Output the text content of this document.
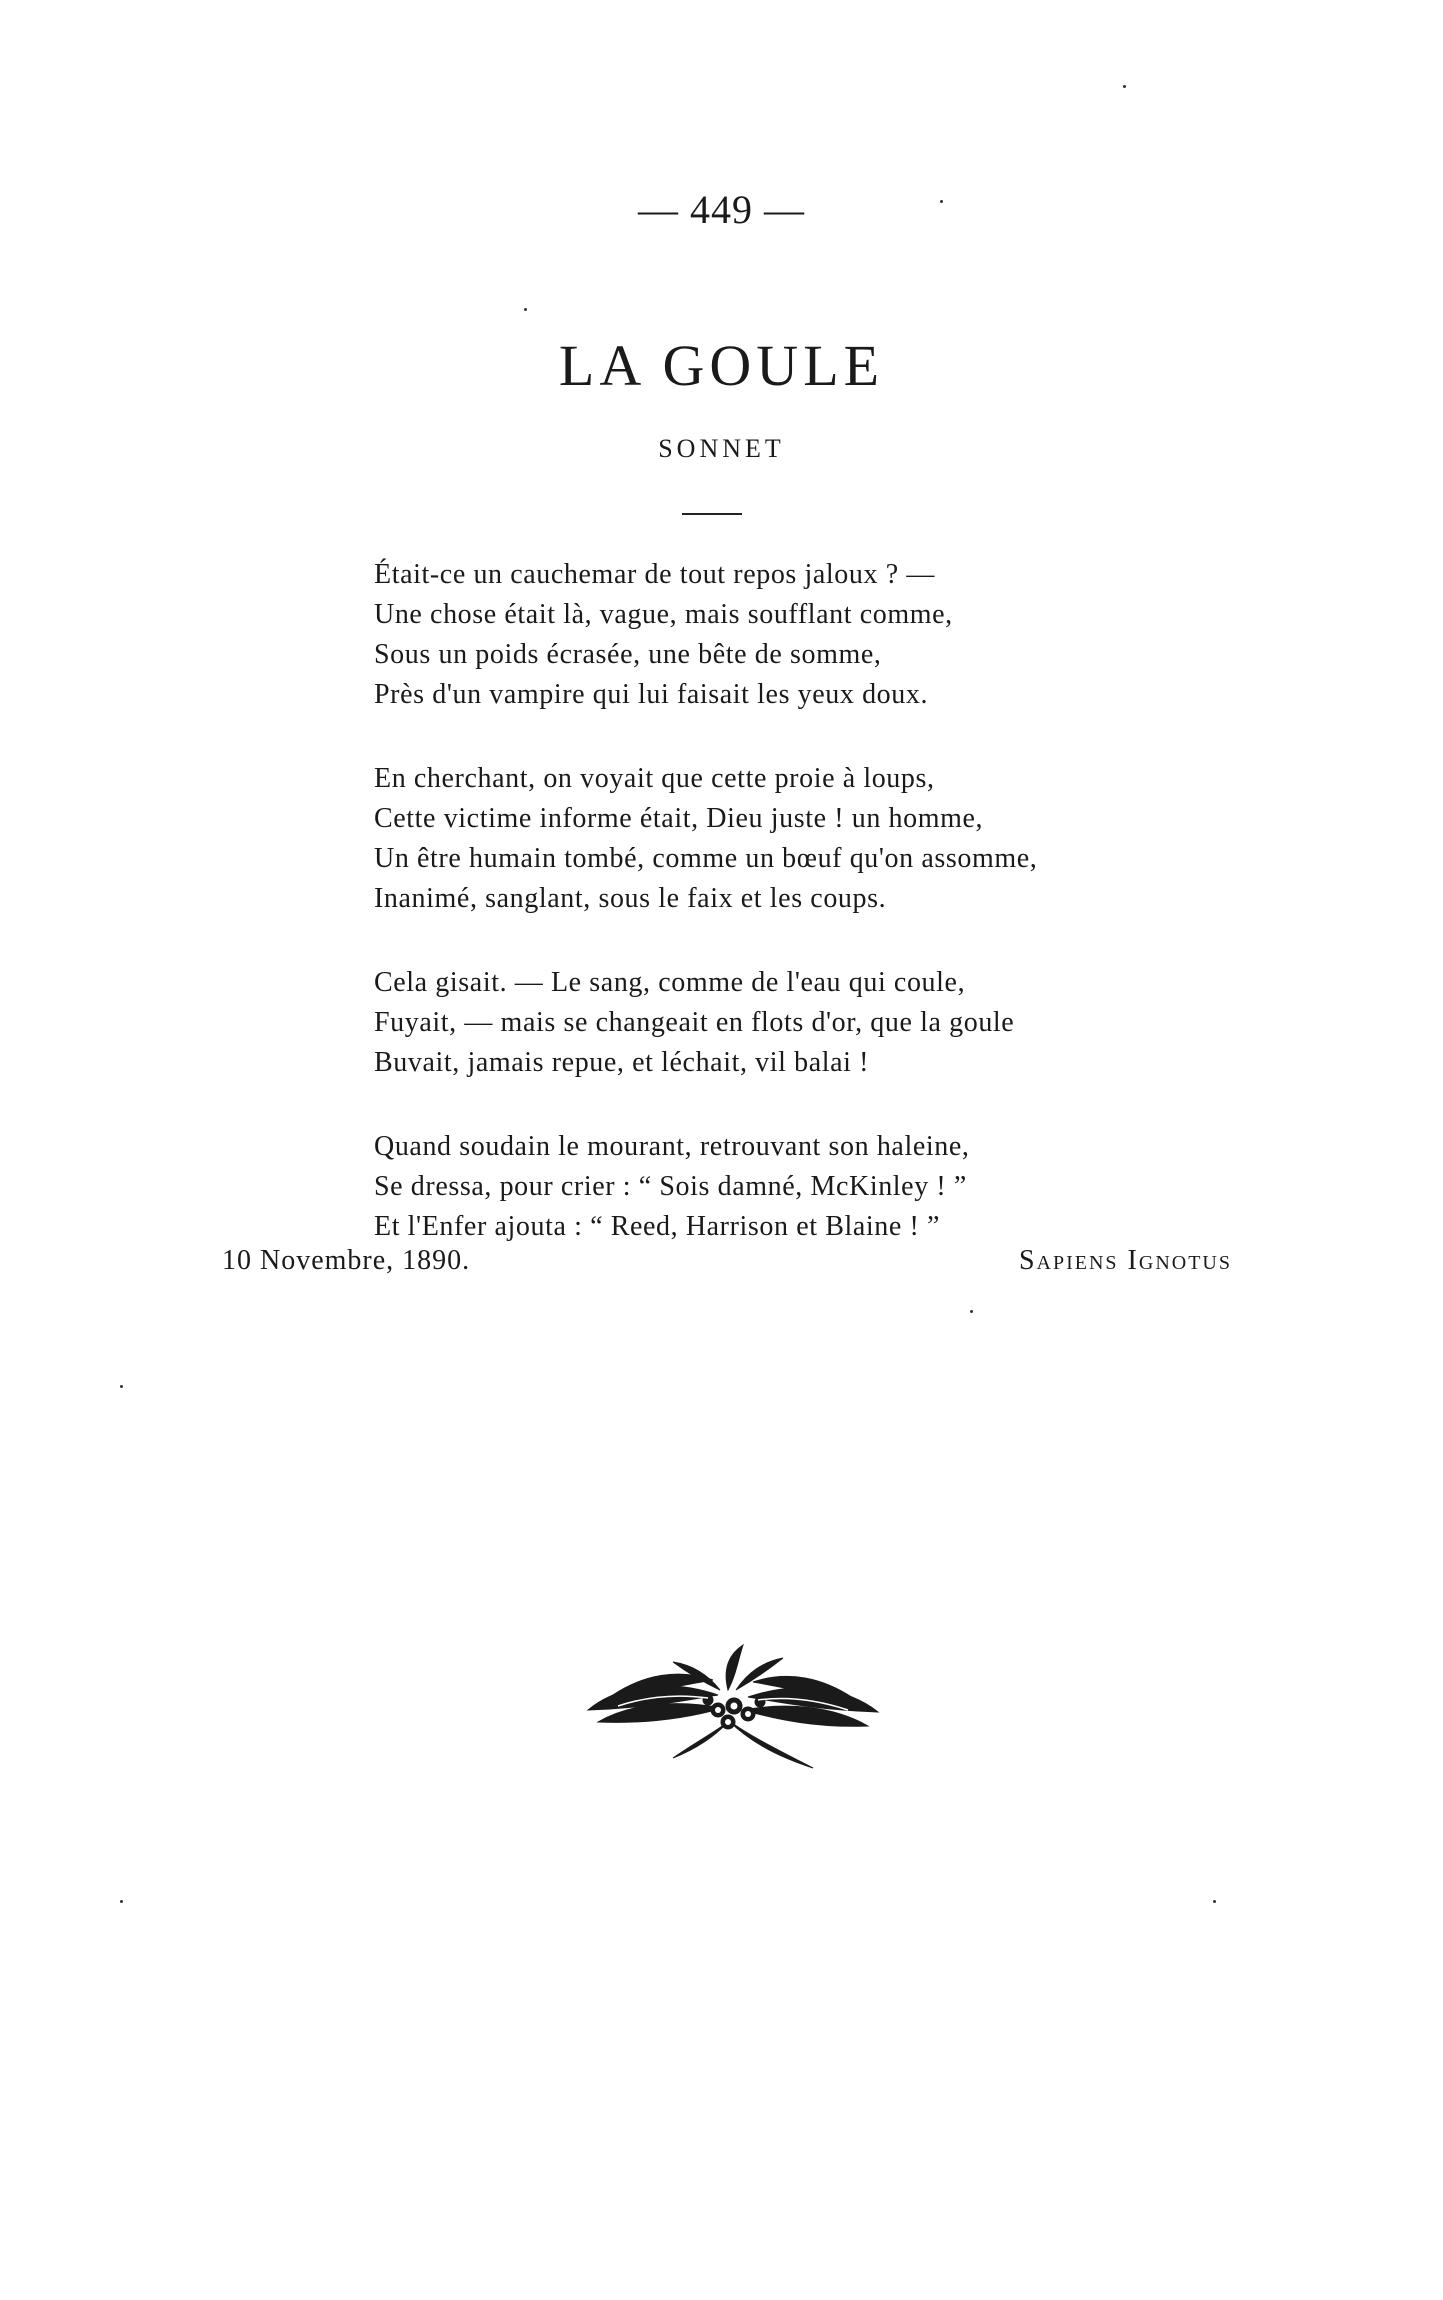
— 449 —
LA GOULE
SONNET
Était-ce un cauchemar de tout repos jaloux ? —
Une chose était là, vague, mais soufflant comme,
Sous un poids écrasée, une bête de somme,
Près d'un vampire qui lui faisait les yeux doux.
En cherchant, on voyait que cette proie à loups,
Cette victime informe était, Dieu juste ! un homme,
Un être humain tombé, comme un bœuf qu'on assomme,
Inanimé, sanglant, sous le faix et les coups.
Cela gisait. — Le sang, comme de l'eau qui coule,
Fuyait, — mais se changeait en flots d'or, que la goule
Buvait, jamais repue, et léchait, vil balai !
Quand soudain le mourant, retrouvant son haleine,
Se dressa, pour crier : “ Sois damné, McKinley ! ”
Et l'Enfer ajouta : “ Reed, Harrison et Blaine ! ”
10 Novembre, 1890.	Sapiens Ignotus
